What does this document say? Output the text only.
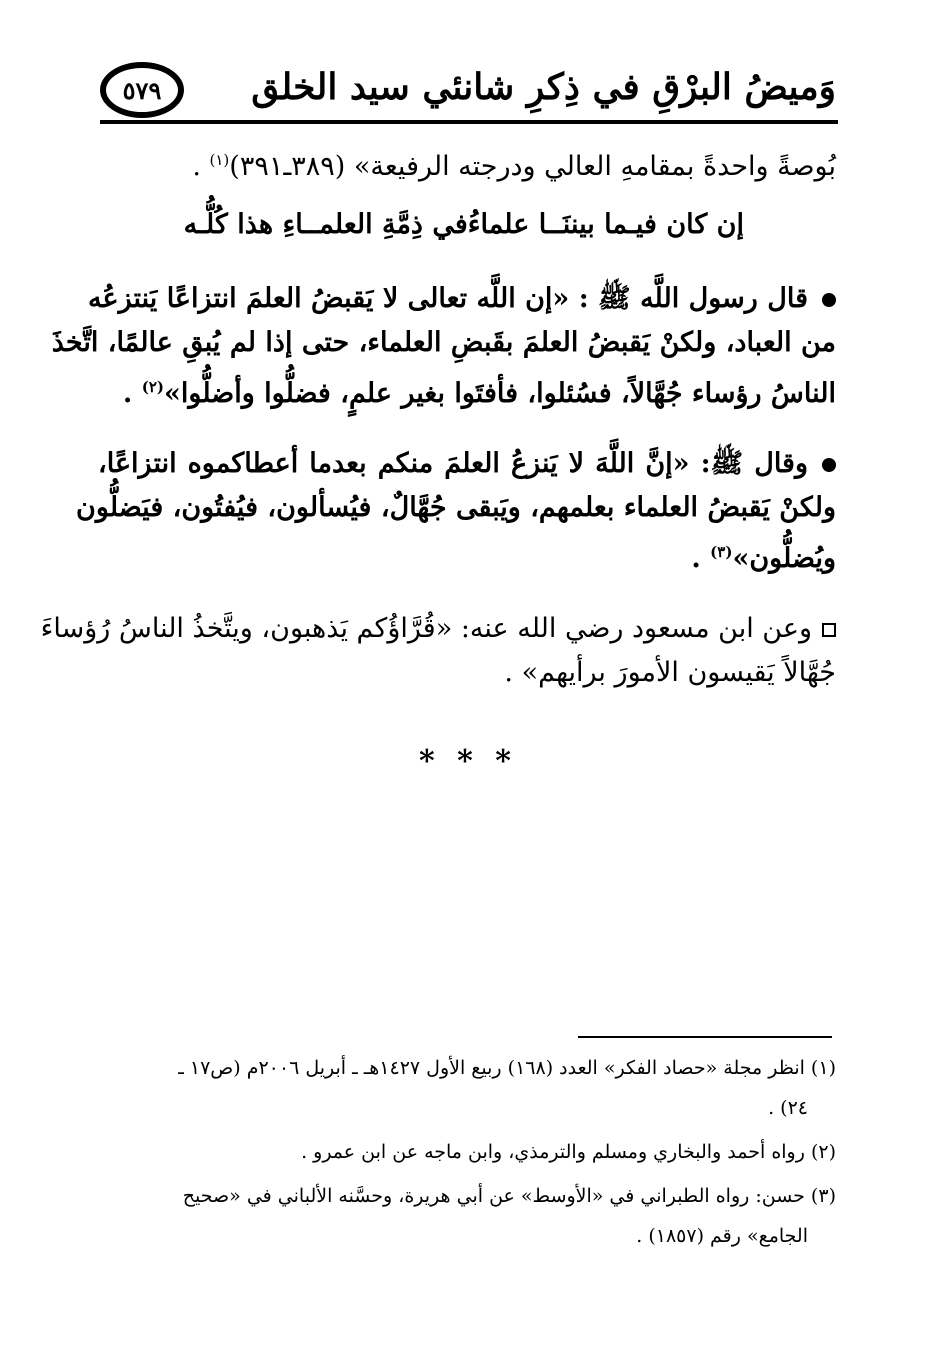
وَميضُ البرْقِ في ذِكرِ شانئي سيد الخلق
٥٧٩
بُوصةً واحدةً بمقامهِ العالي ودرجته الرفيعة» (٣٨٩ـ٣٩١)$^{(١)}$ .
إن كان فيـما بيننَــا علماءُ
في ذِمَّةِ العلمــاءِ هذا كُلُّـه
قال رسول اللَّه ﷺ : «إن اللَّه تعالى لا يَقبضُ العلمَ انتزاعًا يَنتزعُه
من العباد، ولكنْ يَقبضُ العلمَ بقَبضِ العلماء، حتى إذا لم يُبقِ عالمًا، اتَّخذَ
الناسُ رؤساء جُهَّالاً، فسُئلوا، فأفتَوا بغير علمٍ، فضلُّوا وأضلُّوا»$^{(٢)}$ .
وقال ﷺ: «إنَّ اللَّهَ لا يَنزعُ العلمَ منكم بعدما أعطاكموه انتزاعًا،
ولكنْ يَقبضُ العلماء بعلمهم، ويَبقى جُهَّالٌ، فيُسألون، فيُفتُون، فيَضلُّون
ويُضلُّون»$^{(٣)}$ .
وعن ابن مسعود رضي الله عنه: «قُرَّاؤُكم يَذهبون، ويتَّخذُ الناسُ رُؤساءَ
جُهَّالاً يَقيسون الأمورَ برأيهم» .
* * *
(١) انظر مجلة «حصاد الفكر» العدد (١٦٨) ربيع الأول ١٤٢٧هـ ـ أبريل ٢٠٠٦م (ص١٧ ـ
٢٤) .
(٢) رواه أحمد والبخاري ومسلم والترمذي، وابن ماجه عن ابن عمرو .
(٣) حسن: رواه الطبراني في «الأوسط» عن أبي هريرة، وحسَّنه الألباني في «صحيح
الجامع» رقم (١٨٥٧) .
